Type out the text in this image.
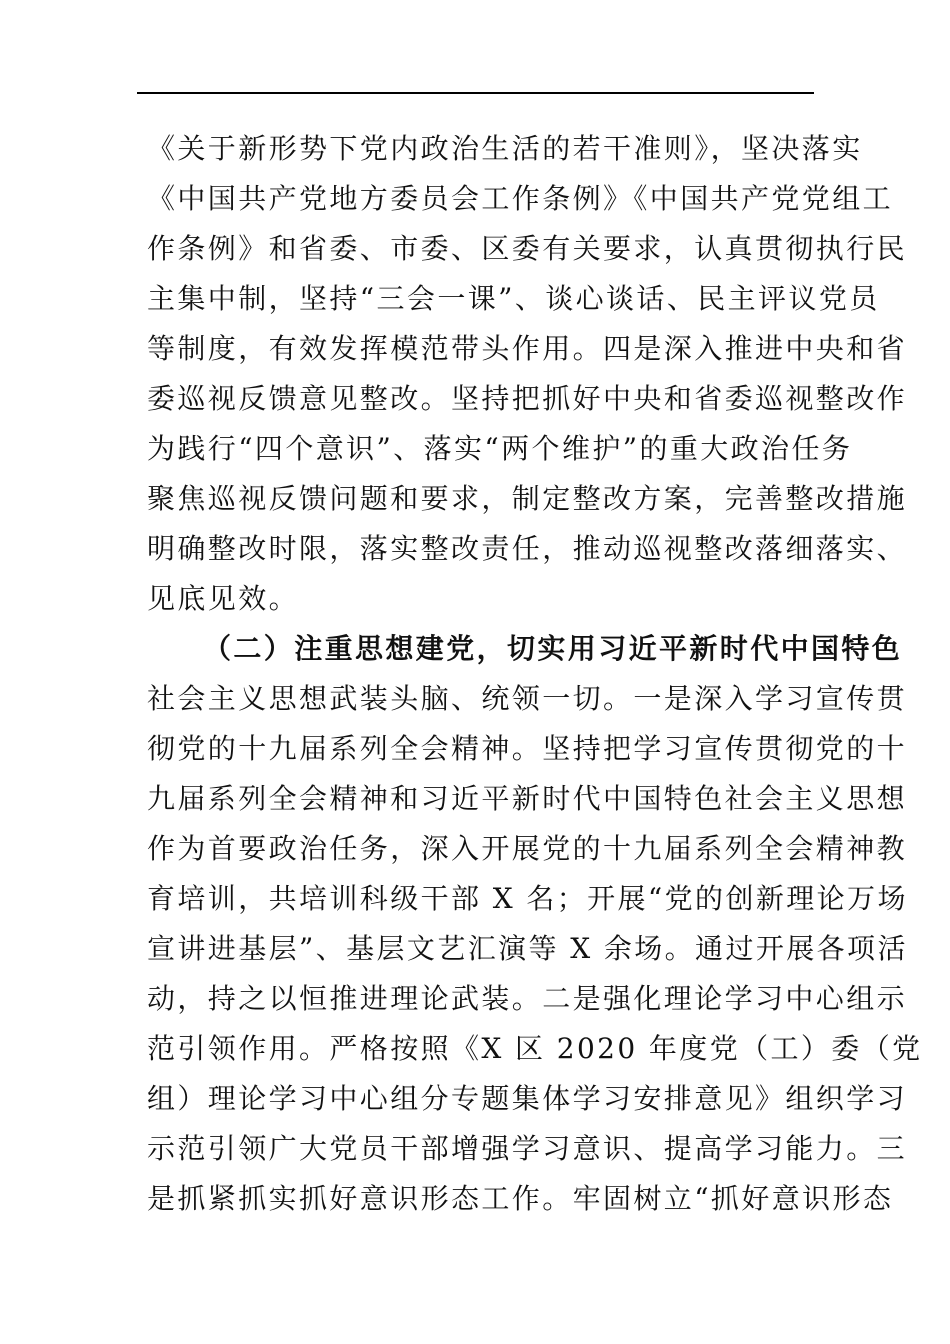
《关于新形势下党内政治生活的若干准则》，坚决落实
《中国共产党地方委员会工作条例》《中国共产党党组工
作条例》和省委、市委、区委有关要求，认真贯彻执行民
主集中制，坚持“三会一课”、谈心谈话、民主评议党员
等制度，有效发挥模范带头作用。四是深入推进中央和省
委巡视反馈意见整改。坚持把抓好中央和省委巡视整改作
为践行“四个意识”、落实“两个维护”的重大政治任务
聚焦巡视反馈问题和要求，制定整改方案，完善整改措施
明确整改时限，落实整改责任，推动巡视整改落细落实、
见底见效。
（二）注重思想建党，切实用习近平新时代中国特色
社会主义思想武装头脑、统领一切。一是深入学习宣传贯
彻党的十九届系列全会精神。坚持把学习宣传贯彻党的十
九届系列全会精神和习近平新时代中国特色社会主义思想
作为首要政治任务，深入开展党的十九届系列全会精神教
育培训，共培训科级干部 X 名；开展“党的创新理论万场
宣讲进基层”、基层文艺汇演等 X 余场。通过开展各项活
动，持之以恒推进理论武装。二是强化理论学习中心组示
范引领作用。严格按照《X 区 2020 年度党（工）委（党
组）理论学习中心组分专题集体学习安排意见》组织学习
示范引领广大党员干部增强学习意识、提高学习能力。三
是抓紧抓实抓好意识形态工作。牢固树立“抓好意识形态
